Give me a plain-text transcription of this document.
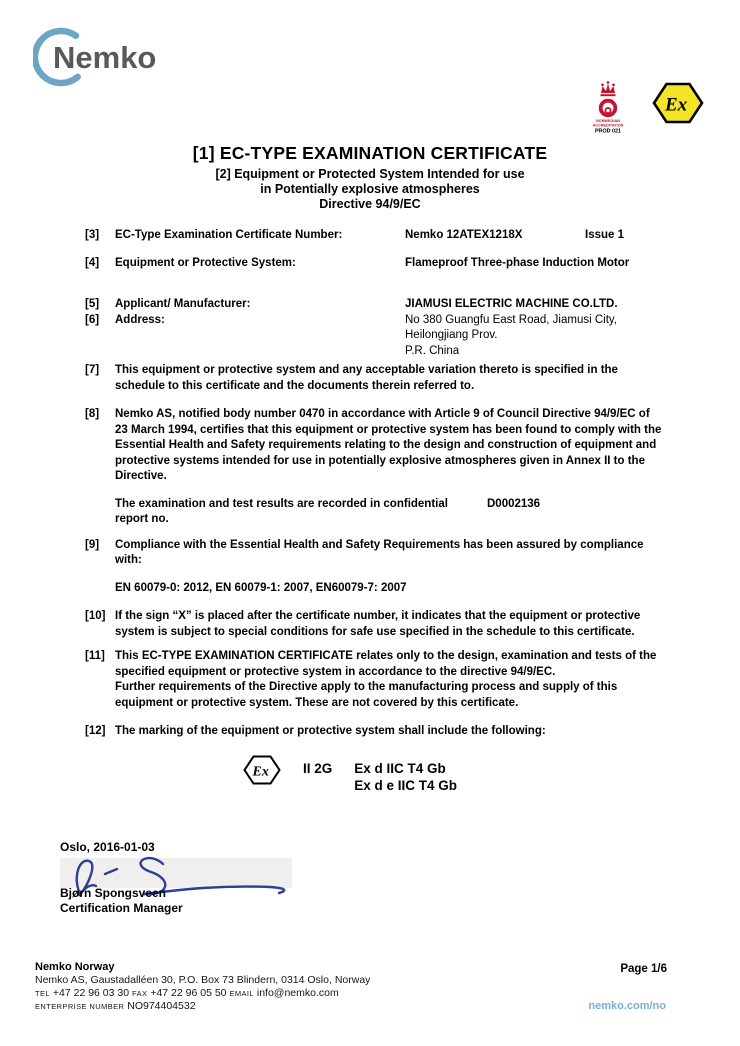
Nemko
NORWEGIAN
ACCREDITATION
PROD 021
Ex
[1] EC-TYPE EXAMINATION CERTIFICATE
[2] Equipment or Protected System Intended for use
in Potentially explosive atmospheres
Directive 94/9/EC
[3]	EC-Type Examination Certificate Number:	Nemko 12ATEX1218X	Issue 1
[4]	Equipment or Protective System:	Flameproof Three-phase Induction Motor
[5]	Applicant/ Manufacturer:	JIAMUSI ELECTRIC MACHINE CO.LTD.
[6]	Address:	No 380 Guangfu East Road, Jiamusi City,
Heilongjiang Prov.
P.R. China
[7]	This equipment or protective system and any acceptable variation thereto is specified in the schedule to this certificate and the documents therein referred to.
[8]	Nemko AS, notified body number 0470 in accordance with Article 9 of Council Directive 94/9/EC of 23 March 1994, certifies that this equipment or protective system has been found to comply with the Essential Health and Safety requirements relating to the design and construction of equipment and protective systems intended for use in potentially explosive atmospheres given in Annex II to the Directive.
The examination and test results are recorded in confidential
report no.
D0002136
[9]	Compliance with the Essential Health and Safety Requirements has been assured by compliance with:
EN 60079-0: 2012, EN 60079-1: 2007, EN60079-7: 2007
[10] If the sign “X” is placed after the certificate number, it indicates that the equipment or protective system is subject to special conditions for safe use specified in the schedule to this certificate.
[11] This EC-TYPE EXAMINATION CERTIFICATE relates only to the design, examination and tests of the specified equipment or protective system in accordance to the directive 94/9/EC.
Further requirements of the Directive apply to the manufacturing process and supply of this equipment or protective system. These are not covered by this certificate.
[12] The marking of the equipment or protective system shall include the following:
Ex	II 2G Ex d IIC T4 Gb
Ex d e IIC T4 Gb
Oslo, 2016-01-03
Bjørn Spongsveen
Certification Manager
Nemko Norway
Nemko AS, Gaustadalléen 30, P.O. Box 73 Blindern, 0314 Oslo, Norway
TEL +47 22 96 03 30 FAX +47 22 96 05 50 EMAIL info@nemko.com
ENTERPRISE NUMBER NO974404532
Page 1/6
nemko.com/no
